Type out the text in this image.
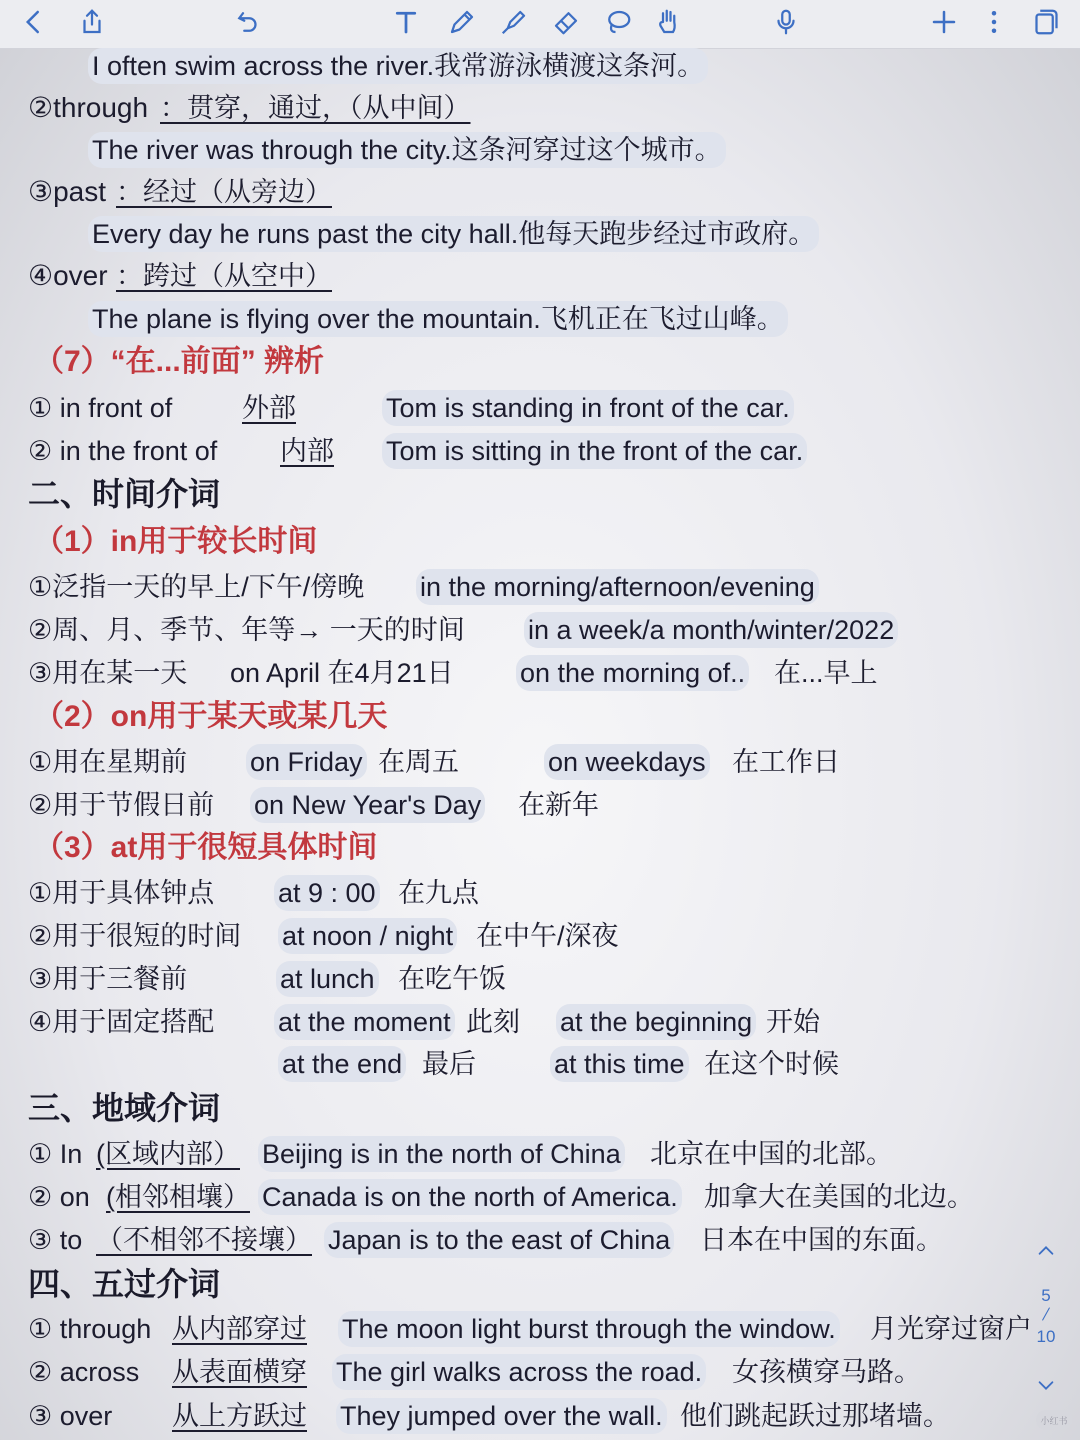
I often swim across the river.我常游泳横渡这条河。
②through ：贯穿，通过，（从中间）
The river was through the city.这条河穿过这个城市。
③past ：经过（从旁边）
Every day he runs past the city hall.他每天跑步经过市政府。
④over ：跨过（从空中）
The plane is flying over the mountain.飞机正在飞过山峰。
（7）“在...前面” 辨析
① in front of	外部	Tom is standing in front of the car.
② in the front of 内部 Tom is sitting in the front of the car.
二、时间介词
（1）in用于较长时间
①泛指一天的早上/下午/傍晚 in the morning/afternoon/evening
②周、月、季节、年等→ 一天的时间 in a week/a month/winter/2022
③用在某一天 on April 在4月21日 on the morning of.. 在...早上
（2）on用于某天或某几天
①用在星期前 on Friday 在周五	on weekdays 在工作日
②用于节假日前 on New Year's Day 在新年
（3）at用于很短具体时间
①用于具体钟点 at 9 : 00 在九点
②用于很短的时间 at noon / night 在中午/深夜
③用于三餐前	at lunch 在吃午饭
④用于固定搭配 at the moment 此刻 at the beginning 开始
at the end 最后	at this time 在这个时候
三、地域介词
① In (区域内部） Beijing is in the north of China 北京在中国的北部。
② on (相邻相壤） Canada is on the north of America. 加拿大在美国的北边。
③ to （不相邻不接壤） Japan is to the east of China 日本在中国的东面。
四、五过介词
① through 从内部穿过 The moon light burst through the window. 月光穿过窗户
② across 从表面横穿 The girl walks across the road. 女孩横穿马路。
③ over 从上方跃过 They jumped over the wall. 他们跳起跃过那堵墙。
5
10
小红书
